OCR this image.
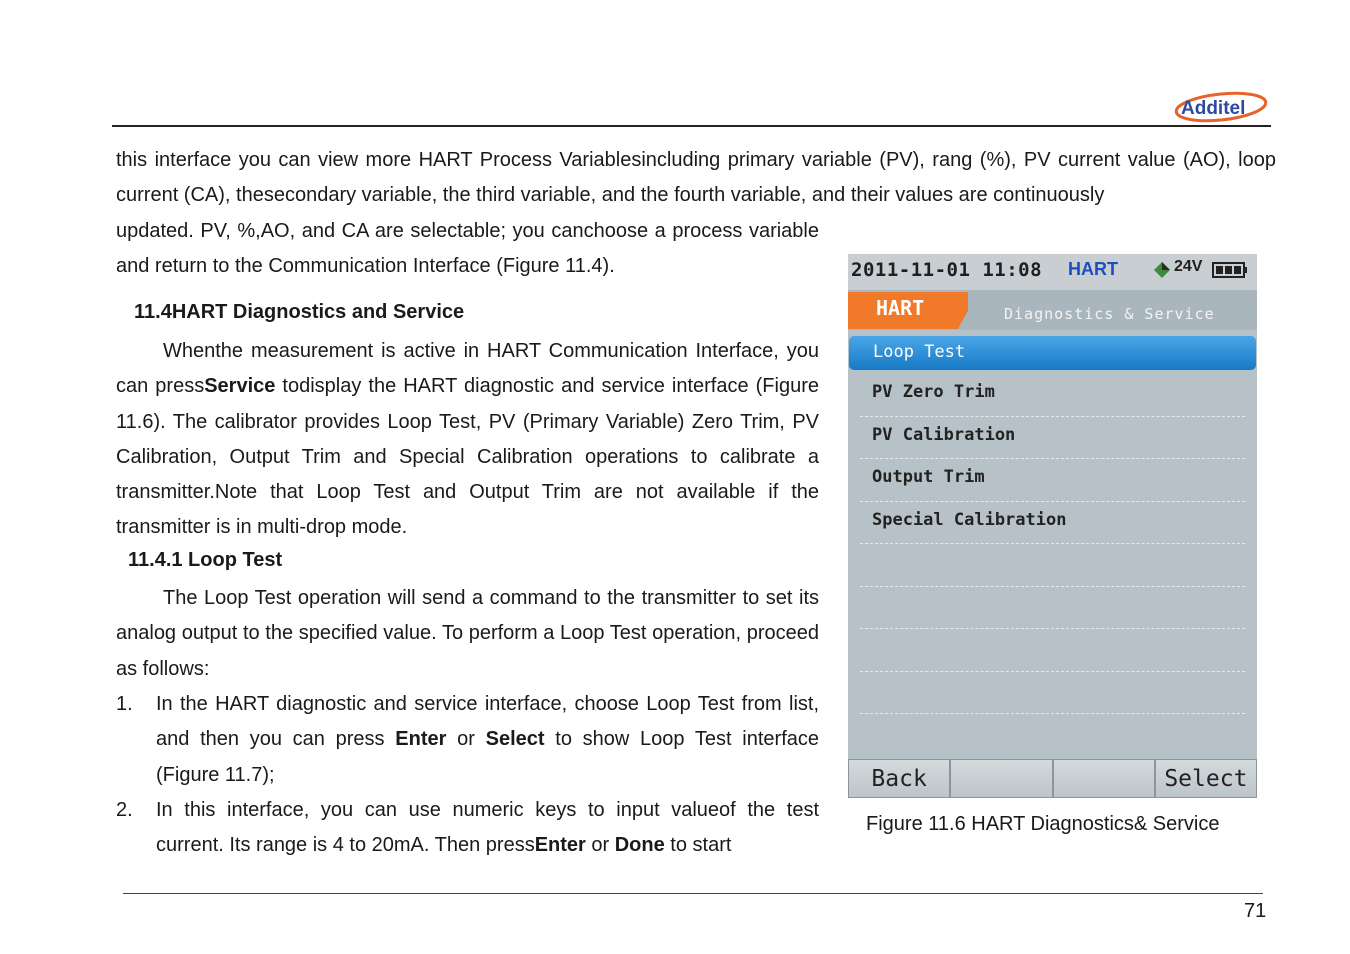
Additel
this interface you can view more HART Process Variablesincluding primary variable (PV), rang (%), PV current value (AO), loop current (CA), thesecondary variable, the third variable, and the fourth variable, and their values are continuously
updated. PV, %,AO, and CA are selectable; you canchoose a process variable and return to the Communication Interface (Figure 11.4).
11.4HART Diagnostics and Service
Whenthe measurement is active in HART Communication Interface, you can pressService todisplay the HART diagnostic and service interface (Figure 11.6). The calibrator provides Loop Test, PV (Primary Variable) Zero Trim, PV Calibration, Output Trim and Special Calibration operations to calibrate a transmitter.Note that Loop Test and Output Trim are not available if the transmitter is in multi-drop mode.
11.4.1 Loop Test
The Loop Test operation will send a command to the transmitter to set its analog output to the specified value. To perform a Loop Test operation, proceed as follows:
1. In the HART diagnostic and service interface, choose Loop Test from list, and then you can press Enter or Select to show Loop Test interface (Figure 11.7);
2. In this interface, you can use numeric keys to input valueof the test current. Its range is 4 to 20mA. Then pressEnter or Done to start
2011-11-01 11:08 HART	24V
HART	Diagnostics & Service
Loop Test
PV Zero Trim
PV Calibration
Output Trim
Special Calibration
Back	Select
Figure 11.6 HART Diagnostics& Service
71
